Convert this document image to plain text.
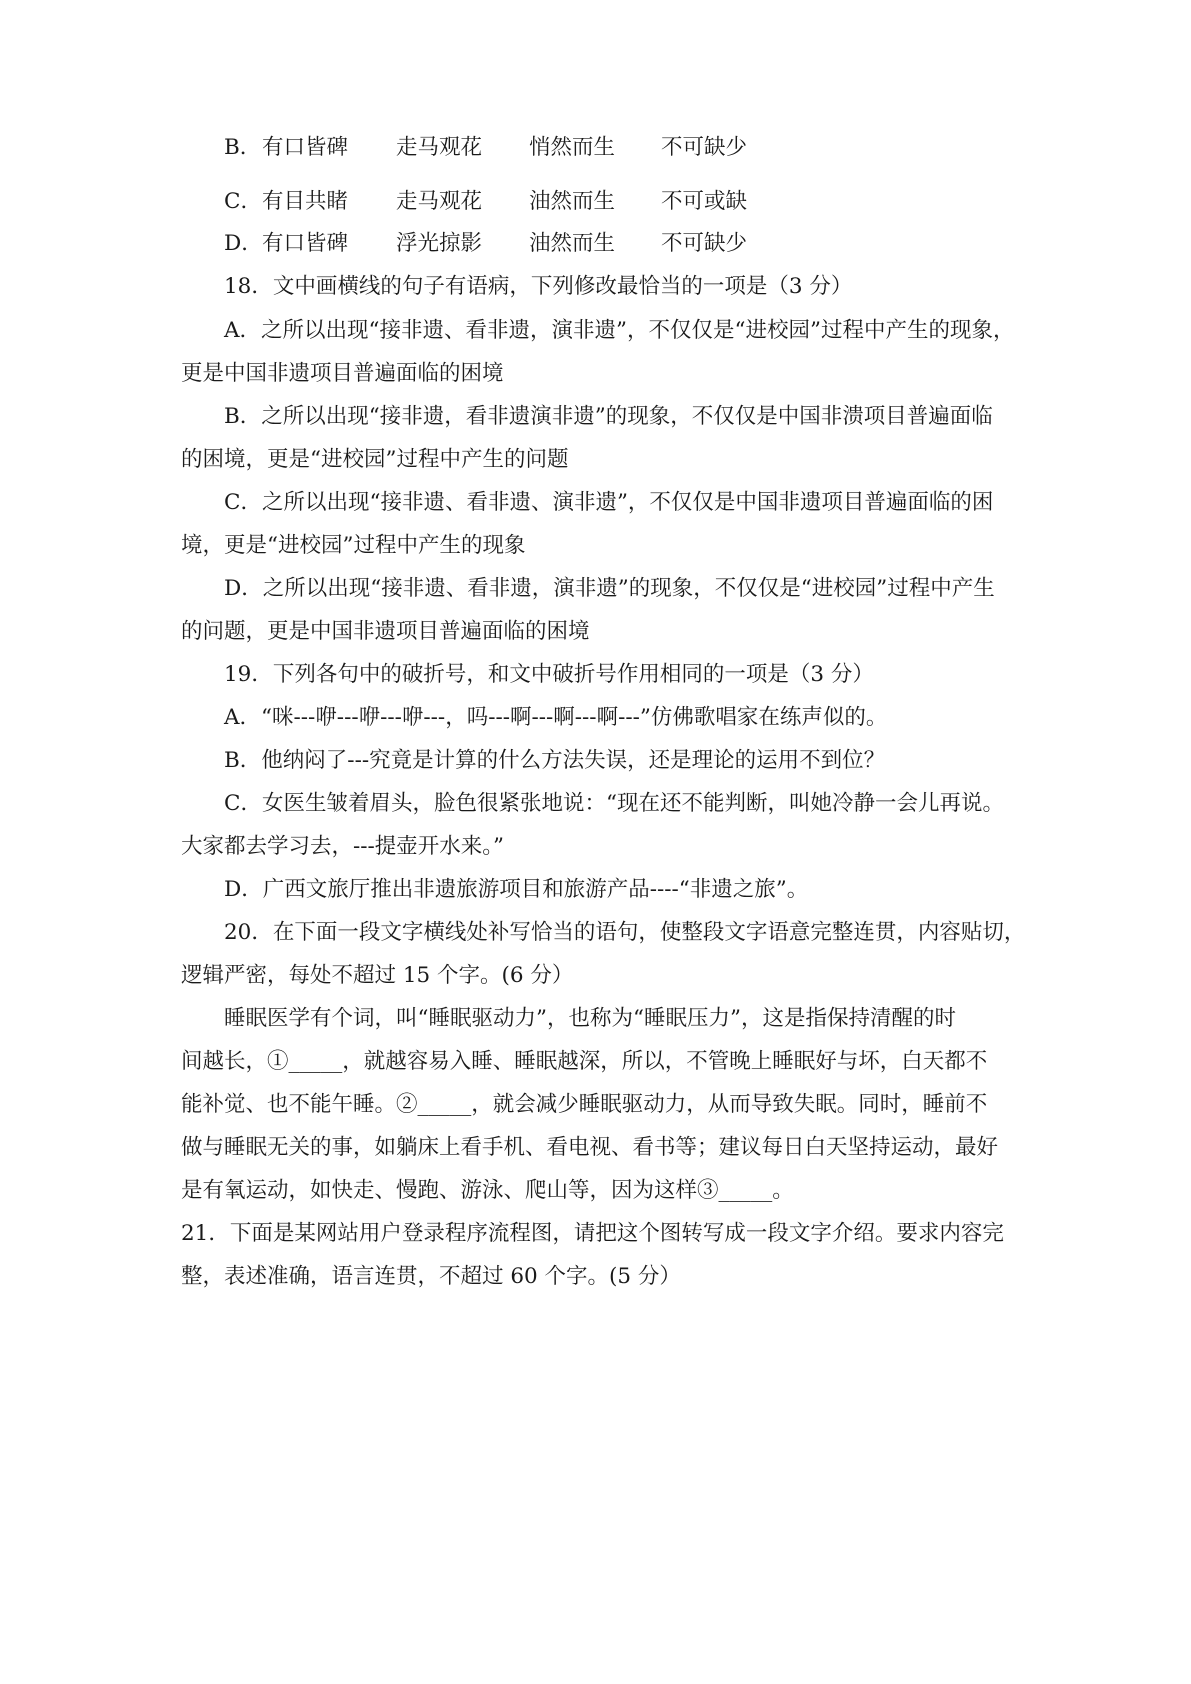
B． 有口皆碑 走马观花 悄然而生 不可缺少
C． 有目共睹 走马观花 油然而生 不可或缺
D． 有口皆碑 浮光掠影 油然而生 不可缺少
18．文中画横线的句子有语病，下列修改最恰当的一项是（3 分）
A．之所以出现“接非遗、看非遗，演非遗”，不仅仅是“进校园”过程中产生的现象，
更是中国非遗项目普遍面临的困境
B．之所以出现“接非遗，看非遗演非遗”的现象，不仅仅是中国非溃项目普遍面临
的困境，更是“进校园”过程中产生的问题
C．之所以出现“接非遗、看非遗、演非遗”，不仅仅是中国非遗项目普遍面临的困
境，更是“进校园”过程中产生的现象
D．之所以出现“接非遗、看非遗，演非遗”的现象，不仅仅是“进校园”过程中产生
的问题，更是中国非遗项目普遍面临的困境
19．下列各句中的破折号，和文中破折号作用相同的一项是（3 分）
A．“咪---咿---咿---咿---，吗---啊---啊---啊---”仿佛歌唱家在练声似的。
B．他纳闷了---究竟是计算的什么方法失误，还是理论的运用不到位？
C．女医生皱着眉头，脸色很紧张地说：“现在还不能判断，叫她冷静一会儿再说。
大家都去学习去，---提壶开水来。”
D．广西文旅厅推出非遗旅游项目和旅游产品----“非遗之旅”。
20．在下面一段文字横线处补写恰当的语句，使整段文字语意完整连贯，内容贴切，
逻辑严密，每处不超过 15 个字。(6 分）
睡眠医学有个词，叫“睡眠驱动力”，也称为“睡眠压力”，这是指保持清醒的时
间越长，①_____，就越容易入睡、睡眠越深，所以，不管晚上睡眠好与坏，白天都不
能补觉、也不能午睡。②_____，就会减少睡眠驱动力，从而导致失眠。同时，睡前不
做与睡眠无关的事，如躺床上看手机、看电视、看书等；建议每日白天坚持运动，最好
是有氧运动，如快走、慢跑、游泳、爬山等，因为这样③_____。
21．下面是某网站用户登录程序流程图，请把这个图转写成一段文字介绍。要求内容完
整，表述准确，语言连贯，不超过 60 个字。(5 分）
